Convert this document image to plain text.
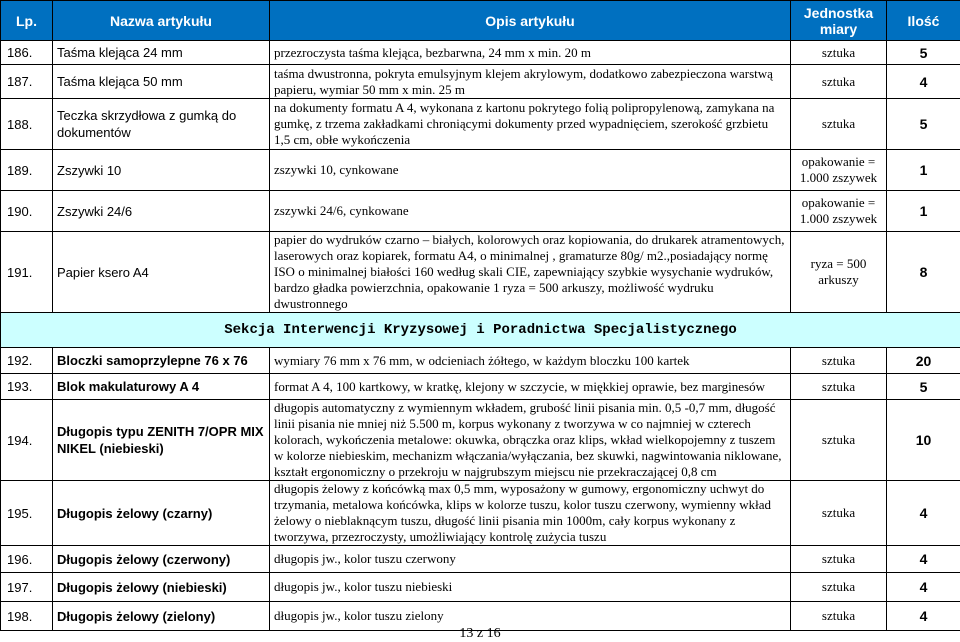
Lp.	Nazwa artykułu	Opis artykułu	Jednostka miary	Ilość
186.	Taśma klejąca 24 mm	przezroczysta taśma klejąca, bezbarwna, 24 mm x min. 20 m	sztuka	5
187.	Taśma klejąca 50 mm	taśma dwustronna, pokryta emulsyjnym klejem akrylowym, dodatkowo zabezpieczona warstwą papieru, wymiar 50 mm x min. 25 m	sztuka	4
188.	Teczka skrzydłowa z gumką do dokumentów	na dokumenty formatu A 4, wykonana z kartonu pokrytego folią polipropylenową, zamykana na gumkę, z trzema zakładkami chroniącymi dokumenty przed wypadnięciem, szerokość grzbietu 1,5 cm, obłe wykończenia	sztuka	5
189.	Zszywki 10	zszywki 10, cynkowane	opakowanie = 1.000 zszywek	1
190.	Zszywki 24/6	zszywki 24/6, cynkowane	opakowanie = 1.000 zszywek	1
191.	Papier ksero A4	papier do wydruków czarno – białych, kolorowych oraz kopiowania, do drukarek atramentowych, laserowych oraz kopiarek, formatu A4, o minimalnej , gramaturze 80g/ m2.,posiadający normę ISO o minimalnej białości 160 według skali CIE, zapewniający szybkie wysychanie wydruków, bardzo gładka powierzchnia, opakowanie 1 ryza = 500 arkuszy, możliwość wydruku dwustronnego	ryza = 500 arkuszy	8
Sekcja Interwencji Kryzysowej i Poradnictwa Specjalistycznego				
192.	Bloczki samoprzylepne 76 x 76	wymiary 76 mm x 76 mm, w odcieniach żółtego, w każdym bloczku 100 kartek	sztuka	20
193.	Blok makulaturowy A 4	format A 4, 100 kartkowy, w kratkę, klejony w szczycie, w miękkiej oprawie, bez marginesów	sztuka	5
194.	Długopis typu ZENITH 7/OPR MIX NIKEL (niebieski)	długopis automatyczny z wymiennym wkładem, grubość linii pisania min. 0,5 -0,7 mm, długość linii pisania nie mniej niż 5.500 m, korpus wykonany z tworzywa w co najmniej w czterech kolorach, wykończenia metalowe: okuwka, obrączka oraz klips, wkład wielkopojemny z tuszem w kolorze niebieskim, mechanizm włączania/wyłączania, bez skuwki, nagwintowania niklowane, kształt ergonomiczny o przekroju w najgrubszym miejscu nie przekraczającej 0,8 cm	sztuka	10
195.	Długopis żelowy (czarny)	długopis żelowy z końcówką max 0,5 mm, wyposażony w gumowy, ergonomiczny uchwyt do trzymania, metalowa końcówka, klips w kolorze tuszu, kolor tuszu czerwony, wymienny wkład żelowy o nieblaknącym tuszu, długość linii pisania min 1000m, cały korpus wykonany z tworzywa, przezroczysty, umożliwiający kontrolę zużycia tuszu	sztuka	4
196.	Długopis żelowy (czerwony)	długopis jw., kolor tuszu czerwony	sztuka	4
197.	Długopis żelowy (niebieski)	długopis jw., kolor tuszu niebieski	sztuka	4
198.	Długopis żelowy (zielony)	długopis jw., kolor tuszu zielony	sztuka	4
13 z 16
